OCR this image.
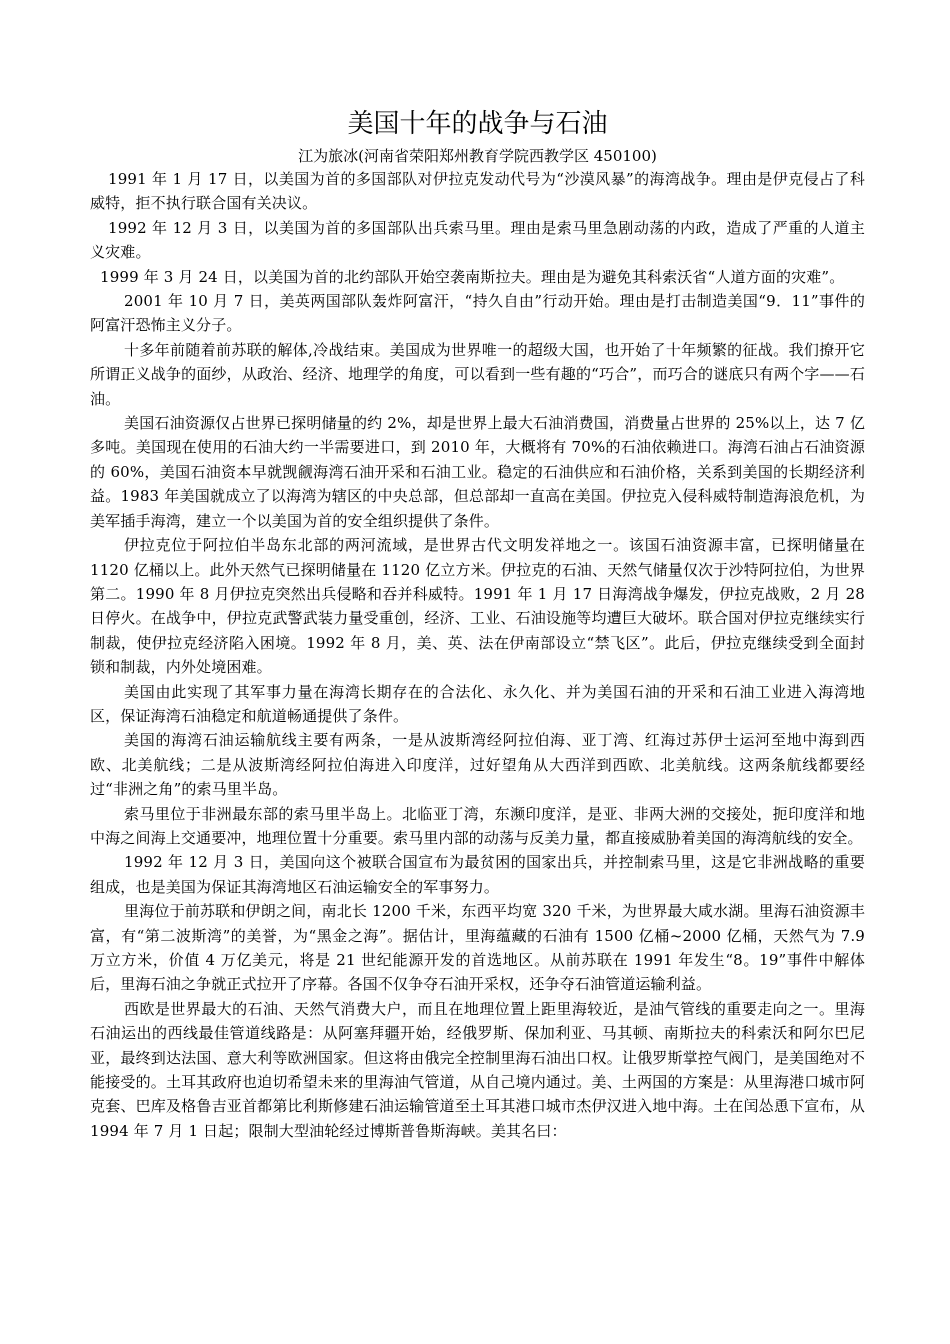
美国十年的战争与石油

江为旅冰(河南省荣阳郑州教育学院西教学区 450100)

1991 年 1 月 17 日，以美国为首的多国部队对伊拉克发动代号为“沙漠风暴”的海湾战争。理由是伊克侵占了科威特，拒不执行联合国有关决议。

1992 年 12 月 3 日，以美国为首的多国部队出兵索马里。理由是索马里急剧动荡的内政，造成了严重的人道主义灾难。

1999 年 3 月 24 日，以美国为首的北约部队开始空袭南斯拉夫。理由是为避免其科索沃省“人道方面的灾难”。

2001 年 10 月 7 日，美英两国部队轰炸阿富汗，“持久自由”行动开始。理由是打击制造美国“9．11”事件的阿富汗恐怖主义分子。

十多年前随着前苏联的解体,冷战结束。美国成为世界唯一的超级大国，也开始了十年频繁的征战。我们撩开它所谓正义战争的面纱，从政治、经济、地理学的角度，可以看到一些有趣的“巧合”，而巧合的谜底只有两个字——石油。

美国石油资源仅占世界已探明储量的约 2%，却是世界上最大石油消费国，消费量占世界的 25%以上，达 7 亿多吨。美国现在使用的石油大约一半需要进口，到 2010 年，大概将有 70%的石油依赖进口。海湾石油占石油资源的 60%，美国石油资本早就觊觎海湾石油开采和石油工业。稳定的石油供应和石油价格，关系到美国的长期经济利益。1983 年美国就成立了以海湾为辖区的中央总部，但总部却一直高在美国。伊拉克入侵科威特制造海浪危机，为美军插手海湾，建立一个以美国为首的安全组织提供了条件。

伊拉克位于阿拉伯半岛东北部的两河流域，是世界古代文明发祥地之一。该国石油资源丰富，已探明储量在 1120 亿桶以上。此外天然气已探明储量在 1120 亿立方米。伊拉克的石油、天然气储量仅次于沙特阿拉伯，为世界第二。1990 年 8 月伊拉克突然出兵侵略和吞并科威特。1991 年 1 月 17 日海湾战争爆发，伊拉克战败，2 月 28 日停火。在战争中，伊拉克武警武装力量受重创，经济、工业、石油设施等均遭巨大破坏。联合国对伊拉克继续实行制裁，使伊拉克经济陷入困境。1992 年 8 月，美、英、法在伊南部设立“禁飞区”。此后，伊拉克继续受到全面封锁和制裁，内外处境困难。

美国由此实现了其军事力量在海湾长期存在的合法化、永久化、并为美国石油的开采和石油工业进入海湾地区，保证海湾石油稳定和航道畅通提供了条件。

美国的海湾石油运输航线主要有两条，一是从波斯湾经阿拉伯海、亚丁湾、红海过苏伊士运河至地中海到西欧、北美航线；二是从波斯湾经阿拉伯海进入印度洋，过好望角从大西洋到西欧、北美航线。这两条航线都要经过“非洲之角”的索马里半岛。

索马里位于非洲最东部的索马里半岛上。北临亚丁湾，东濒印度洋，是亚、非两大洲的交接处，扼印度洋和地中海之间海上交通要冲，地理位置十分重要。索马里内部的动荡与反美力量，都直接威胁着美国的海湾航线的安全。

1992 年 12 月 3 日，美国向这个被联合国宣布为最贫困的国家出兵，并控制索马里，这是它非洲战略的重要组成，也是美国为保证其海湾地区石油运输安全的军事努力。

里海位于前苏联和伊朗之间，南北长 1200 千米，东西平均宽 320 千米，为世界最大咸水湖。里海石油资源丰富，有“第二波斯湾”的美誉，为“黑金之海”。据估计，里海蕴藏的石油有 1500 亿桶~2000 亿桶，天然气为 7.9 万立方米，价值 4 万亿美元，将是 21 世纪能源开发的首选地区。从前苏联在 1991 年发生“8。19”事件中解体后，里海石油之争就正式拉开了序幕。各国不仅争夺石油开采权，还争夺石油管道运输利益。

西欧是世界最大的石油、天然气消费大户，而且在地理位置上距里海较近，是油气管线的重要走向之一。里海石油运出的西线最佳管道线路是：从阿塞拜疆开始，经俄罗斯、保加利亚、马其顿、南斯拉夫的科索沃和阿尔巴尼亚，最终到达法国、意大利等欧洲国家。但这将由俄完全控制里海石油出口权。让俄罗斯掌控气阀门，是美国绝对不能接受的。土耳其政府也迫切希望未来的里海油气管道，从自己境内通过。美、土两国的方案是：从里海港口城市阿克套、巴库及格鲁吉亚首都第比利斯修建石油运输管道至土耳其港口城市杰伊汉进入地中海。土在闰怂恿下宣布，从 1994 年 7 月 1 日起；限制大型油轮经过博斯普鲁斯海峡。美其名曰：
